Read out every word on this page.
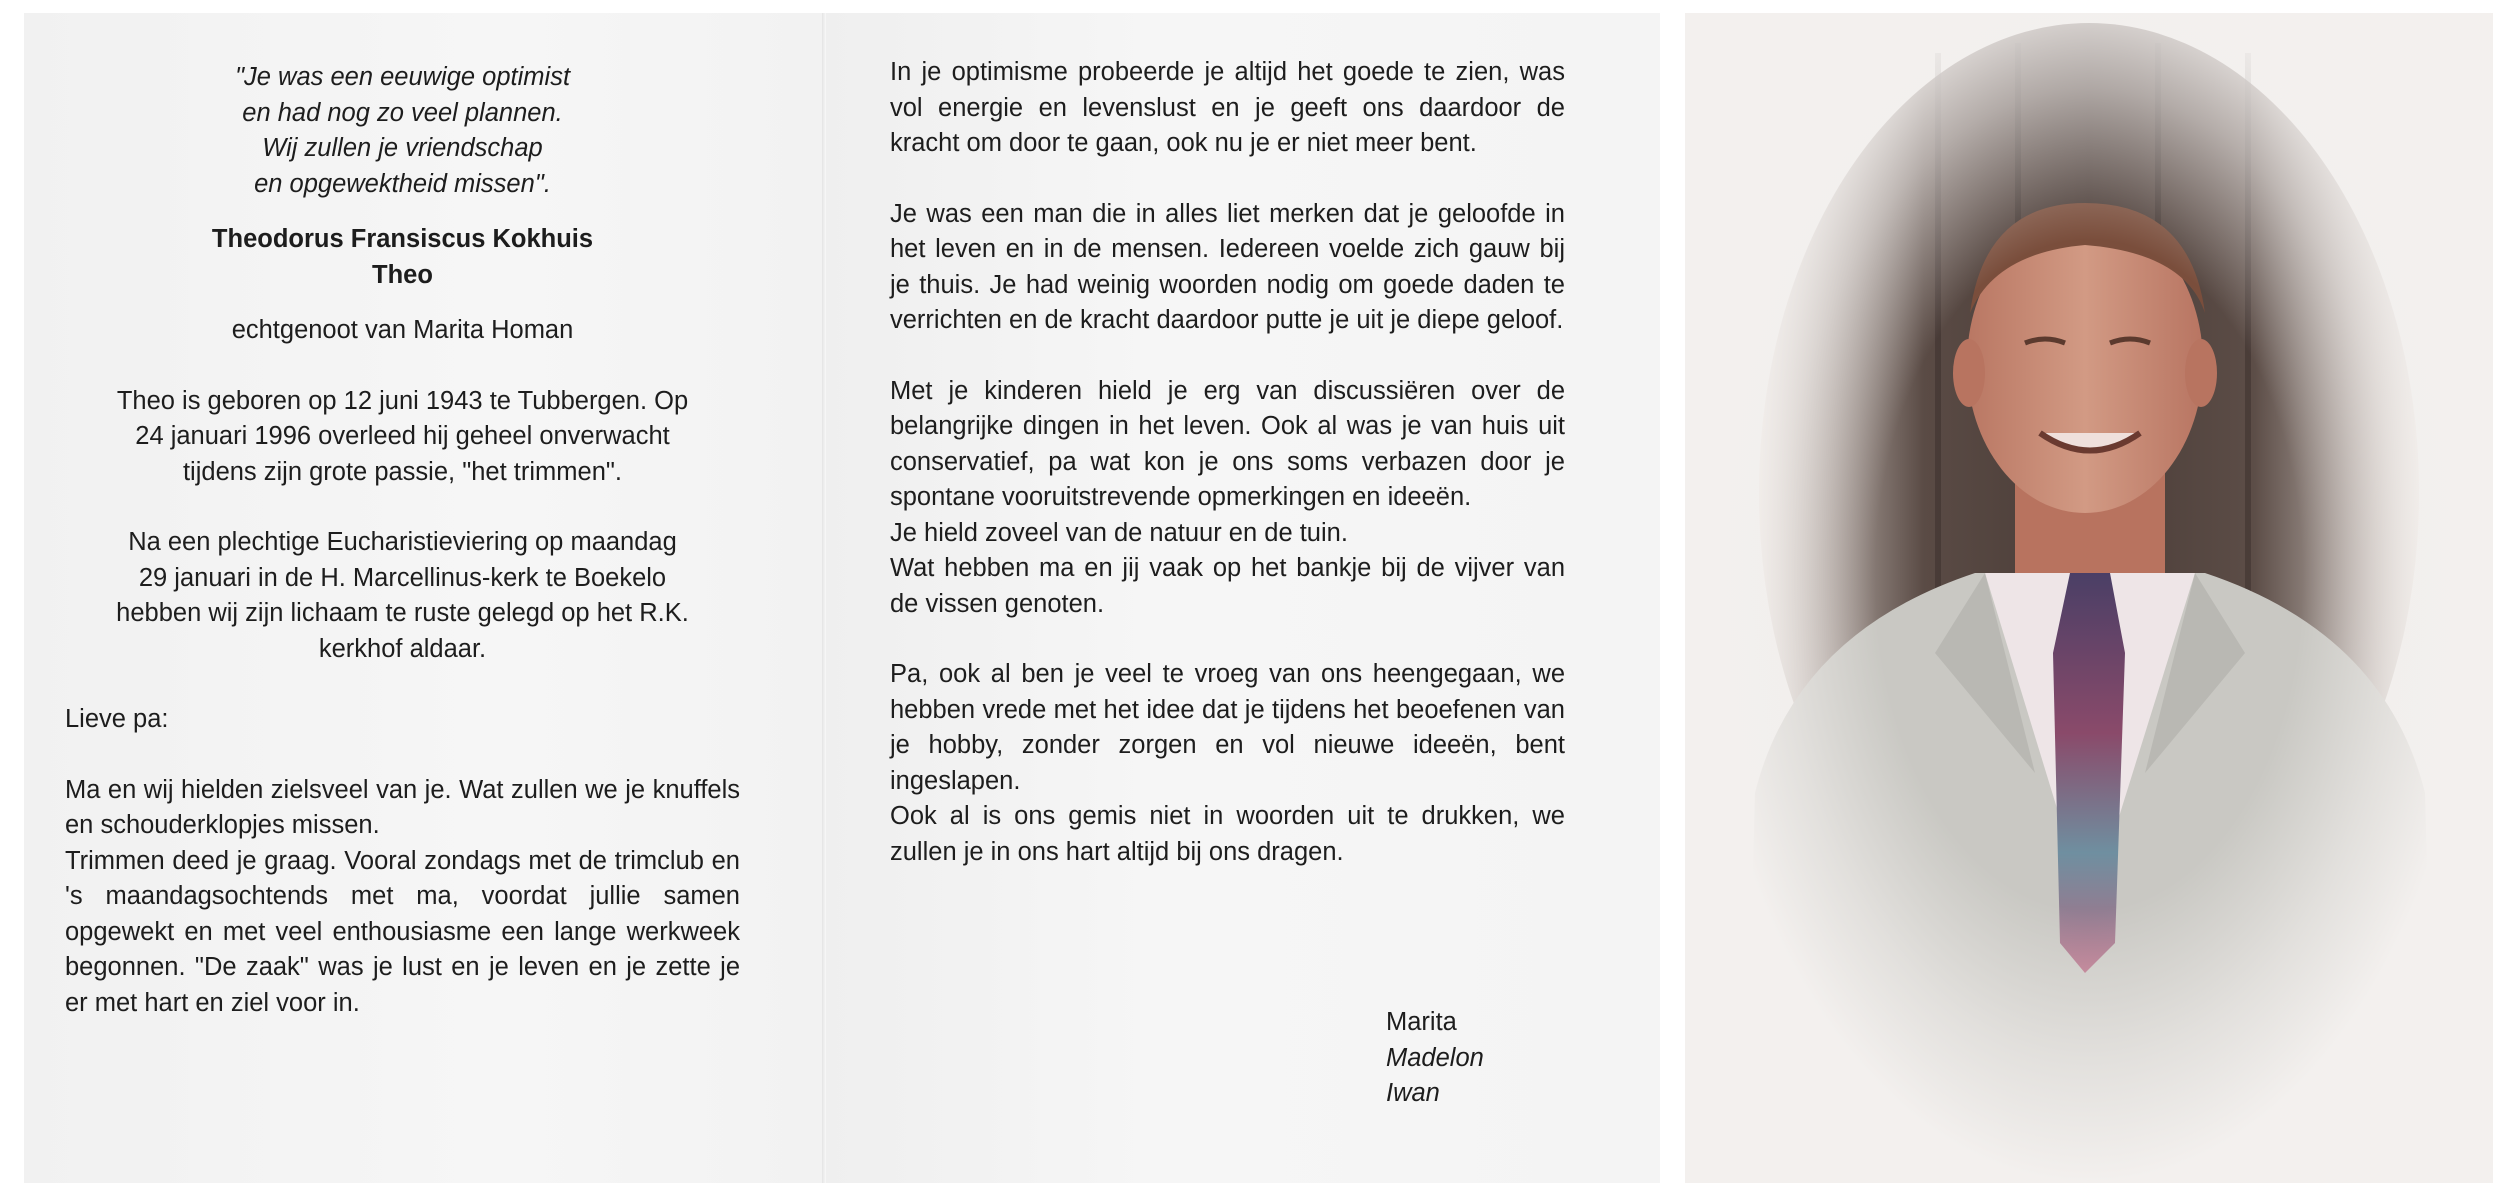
"Je was een eeuwige optimist
en had nog zo veel plannen.
Wij zullen je vriendschap
en opgewektheid missen".
Theodorus Fransiscus Kokhuis
Theo

echtgenoot van Marita Homan

Theo is geboren op 12 juni 1943 te Tubbergen. Op
24 januari 1996 overleed hij geheel onverwacht
tijdens zijn grote passie, "het trimmen".

Na een plechtige Eucharistieviering op maandag
29 januari in de H. Marcellinus-kerk te Boekelo
hebben wij zijn lichaam te ruste gelegd op het R.K.
kerkhof aldaar.

Lieve pa:

Ma en wij hielden zielsveel van je. Wat zullen we je knuffels en schouderklopjes missen.

Trimmen deed je graag. Vooral zondags met de trimclub en 's maandagsochtends met ma, voordat jullie samen opgewekt en met veel enthousiasme een lange werkweek begonnen. "De zaak" was je lust en je leven en je zette je er met hart en ziel voor in.

In je optimisme probeerde je altijd het goede te zien, was vol energie en levenslust en je geeft ons daardoor de kracht om door te gaan, ook nu je er niet meer bent.

Je was een man die in alles liet merken dat je geloofde in het leven en in de mensen. Iedereen voelde zich gauw bij je thuis. Je had weinig woorden nodig om goede daden te verrichten en de kracht daardoor putte je uit je diepe geloof.

Met je kinderen hield je erg van discussiëren over de belangrijke dingen in het leven. Ook al was je van huis uit conservatief, pa wat kon je ons soms verbazen door je spontane vooruitstrevende opmerkingen en ideeën.

Je hield zoveel van de natuur en de tuin.

Wat hebben ma en jij vaak op het bankje bij de vijver van de vissen genoten.

Pa, ook al ben je veel te vroeg van ons heengegaan, we hebben vrede met het idee dat je tijdens het beoefenen van je hobby, zonder zorgen en vol nieuwe ideeën, bent ingeslapen.

Ook al is ons gemis niet in woorden uit te drukken, we zullen je in ons hart altijd bij ons dragen.

Marita
Madelon
Iwan
